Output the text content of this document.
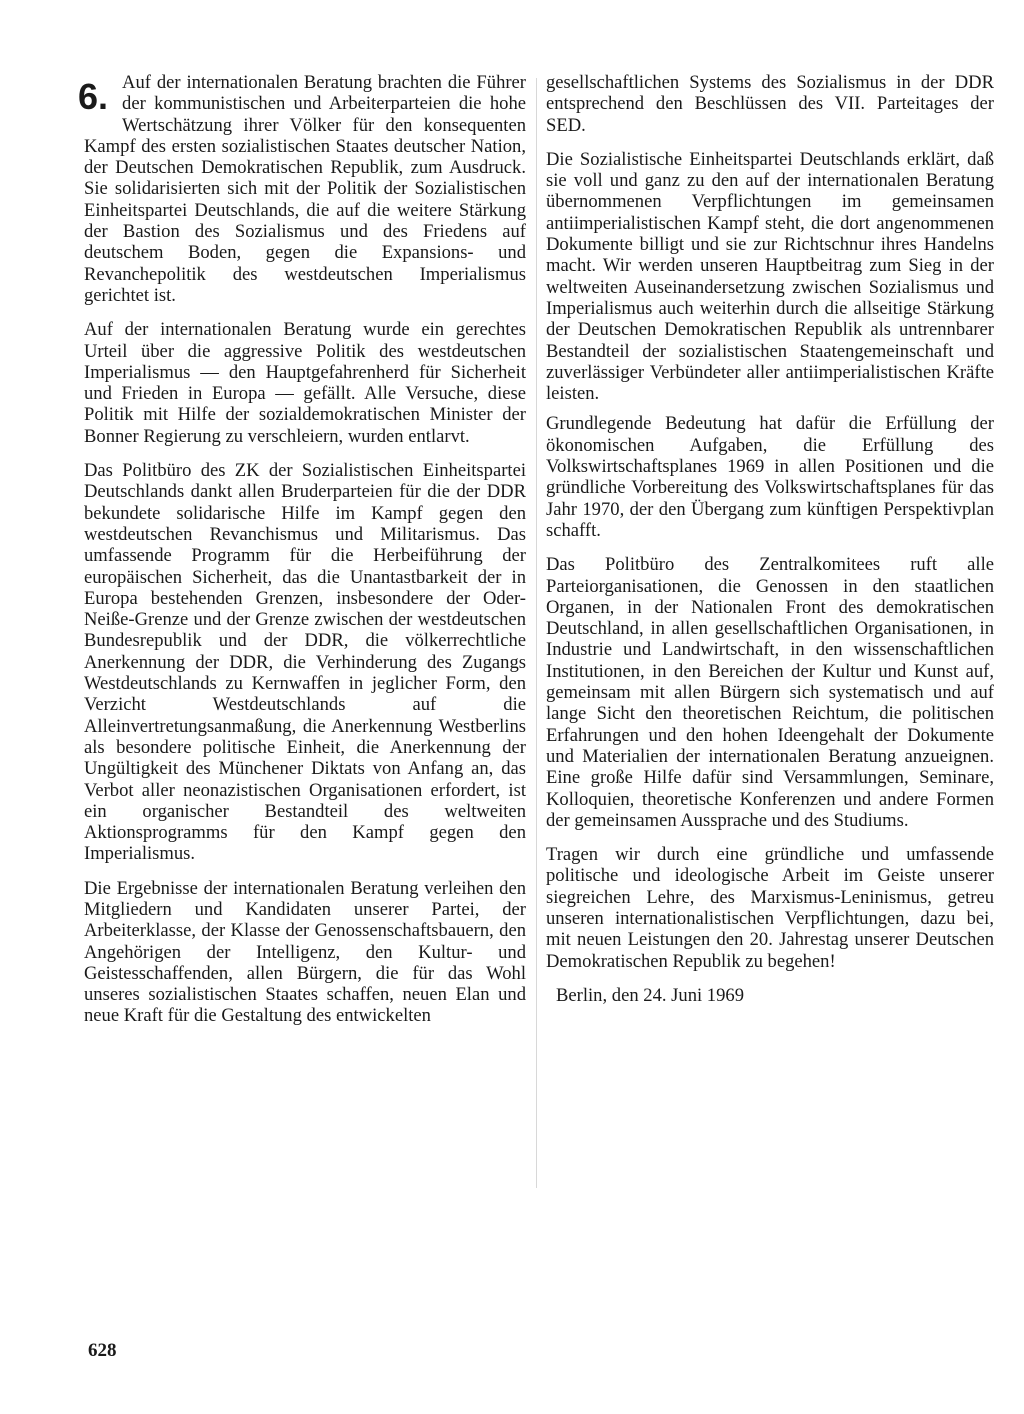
6. Auf der internationalen Beratung brachten die Führer der kommunistischen und Arbeiterparteien die hohe Wertschätzung ihrer Völker für den konsequenten Kampf des ersten sozialistischen Staates deutscher Nation, der Deutschen Demokratischen Republik, zum Ausdruck. Sie solidarisierten sich mit der Politik der Sozialistischen Einheitspartei Deutschlands, die auf die weitere Stärkung der Bastion des Sozialismus und des Friedens auf deutschem Boden, gegen die Expansions- und Revanchepolitik des westdeutschen Imperialismus gerichtet ist.

Auf der internationalen Beratung wurde ein gerechtes Urteil über die aggressive Politik des westdeutschen Imperialismus — den Hauptgefahrenherd für Sicherheit und Frieden in Europa — gefällt. Alle Versuche, diese Politik mit Hilfe der sozialdemokratischen Minister der Bonner Regierung zu verschleiern, wurden entlarvt.

Das Politbüro des ZK der Sozialistischen Einheitspartei Deutschlands dankt allen Bruderparteien für die der DDR bekundete solidarische Hilfe im Kampf gegen den westdeutschen Revanchismus und Militarismus. Das umfassende Programm für die Herbeiführung der europäischen Sicherheit, das die Unantastbarkeit der in Europa bestehenden Grenzen, insbesondere der Oder-Neiße-Grenze und der Grenze zwischen der westdeutschen Bundesrepublik und der DDR, die völkerrechtliche Anerkennung der DDR, die Verhinderung des Zugangs Westdeutschlands zu Kernwaffen in jeglicher Form, den Verzicht Westdeutschlands auf die Alleinvertretungsanmaßung, die Anerkennung Westberlins als besondere politische Einheit, die Anerkennung der Ungültigkeit des Münchener Diktats von Anfang an, das Verbot aller neonazistischen Organisationen erfordert, ist ein organischer Bestandteil des weltweiten Aktionsprogramms für den Kampf gegen den Imperialismus.

Die Ergebnisse der internationalen Beratung verleihen den Mitgliedern und Kandidaten unserer Partei, der Arbeiterklasse, der Klasse der Genossenschaftsbauern, den Angehörigen der Intelligenz, den Kultur- und Geistesschaffenden, allen Bürgern, die für das Wohl unseres sozialistischen Staates schaffen, neuen Elan und neue Kraft für die Gestaltung des entwickelten

gesellschaftlichen Systems des Sozialismus in der DDR entsprechend den Beschlüssen des VII. Parteitages der SED.

Die Sozialistische Einheitspartei Deutschlands erklärt, daß sie voll und ganz zu den auf der internationalen Beratung übernommenen Verpflichtungen im gemeinsamen antiimperialistischen Kampf steht, die dort angenommenen Dokumente billigt und sie zur Richtschnur ihres Handelns macht. Wir werden unseren Hauptbeitrag zum Sieg in der weltweiten Auseinandersetzung zwischen Sozialismus und Imperialismus auch weiterhin durch die allseitige Stärkung der Deutschen Demokratischen Republik als untrennbarer Bestandteil der sozialistischen Staatengemeinschaft und zuverlässiger Verbündeter aller antiimperialistischen Kräfte leisten.

Grundlegende Bedeutung hat dafür die Erfüllung der ökonomischen Aufgaben, die Erfüllung des Volkswirtschaftsplanes 1969 in allen Positionen und die gründliche Vorbereitung des Volkswirtschaftsplanes für das Jahr 1970, der den Übergang zum künftigen Perspektivplan schafft.

Das Politbüro des Zentralkomitees ruft alle Parteiorganisationen, die Genossen in den staatlichen Organen, in der Nationalen Front des demokratischen Deutschland, in allen gesellschaftlichen Organisationen, in Industrie und Landwirtschaft, in den wissenschaftlichen Institutionen, in den Bereichen der Kultur und Kunst auf, gemeinsam mit allen Bürgern sich systematisch und auf lange Sicht den theoretischen Reichtum, die politischen Erfahrungen und den hohen Ideengehalt der Dokumente und Materialien der internationalen Beratung anzueignen. Eine große Hilfe dafür sind Versammlungen, Seminare, Kolloquien, theoretische Konferenzen und andere Formen der gemeinsamen Aussprache und des Studiums.

Tragen wir durch eine gründliche und umfassende politische und ideologische Arbeit im Geiste unserer siegreichen Lehre, des Marxismus-Leninismus, getreu unseren internationalistischen Verpflichtungen, dazu bei, mit neuen Leistungen den 20. Jahrestag unserer Deutschen Demokratischen Republik zu begehen!

Berlin, den 24. Juni 1969

628
